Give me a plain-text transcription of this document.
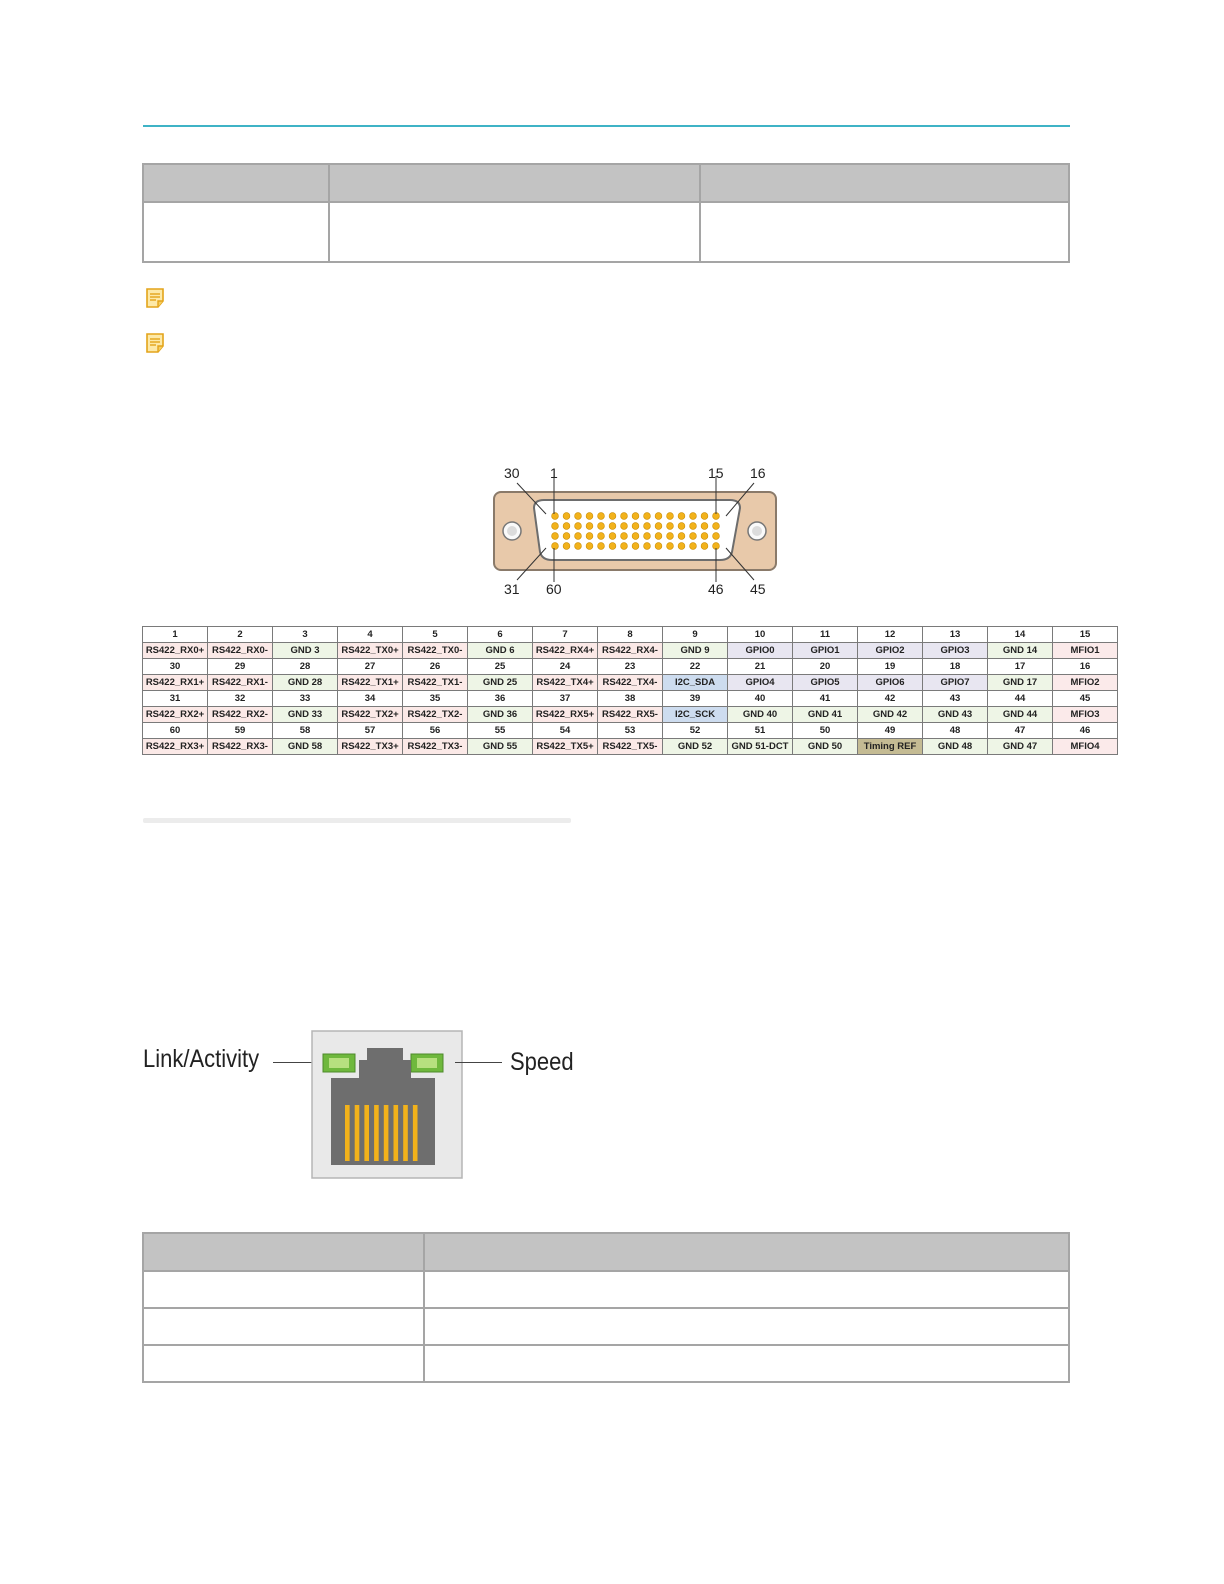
30 1	15 16
31 60	46 45
1	2	3	4	5	6	7	8	9	10	11	12	13	14	15
RS422_RX0+	RS422_RX0-	GND 3	RS422_TX0+	RS422_TX0-	GND 6	RS422_RX4+	RS422_RX4-	GND 9	GPIO0	GPIO1	GPIO2	GPIO3	GND 14	MFIO1
30	29	28	27	26	25	24	23	22	21	20	19	18	17	16
RS422_RX1+	RS422_RX1-	GND 28	RS422_TX1+	RS422_TX1-	GND 25	RS422_TX4+	RS422_TX4-	I2C_SDA	GPIO4	GPIO5	GPIO6	GPIO7	GND 17	MFIO2
31	32	33	34	35	36	37	38	39	40	41	42	43	44	45
RS422_RX2+	RS422_RX2-	GND 33	RS422_TX2+	RS422_TX2-	GND 36	RS422_RX5+	RS422_RX5-	I2C_SCK	GND 40	GND 41	GND 42	GND 43	GND 44	MFIO3
60	59	58	57	56	55	54	53	52	51	50	49	48	47	46
RS422_RX3+	RS422_RX3-	GND 58	RS422_TX3+	RS422_TX3-	GND 55	RS422_TX5+	RS422_TX5-	GND 52	GND 51-DCT	GND 50	Timing REF	GND 48	GND 47	MFIO4
Link/Activity	Speed
